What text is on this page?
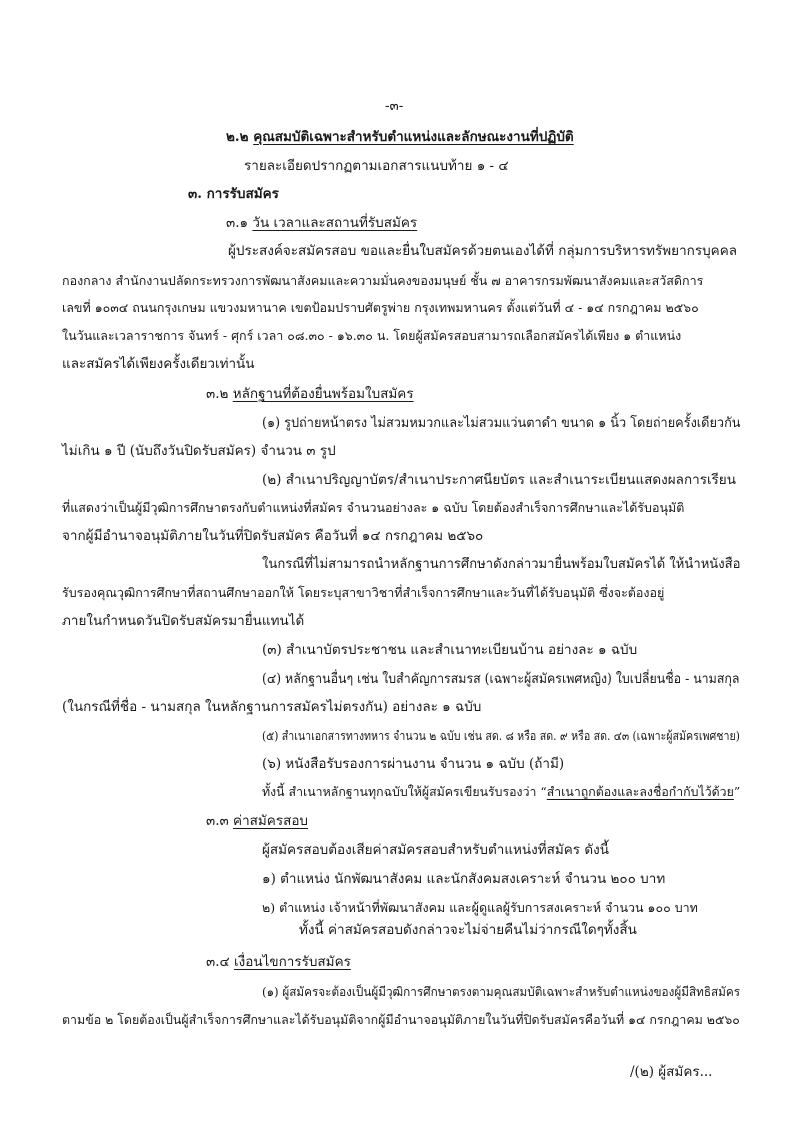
-๓-
๒.๒ คุณสมบัติเฉพาะสำหรับตำแหน่งและลักษณะงานที่ปฏิบัติ
รายละเอียดปรากฏตามเอกสารแนบท้าย ๑ - ๔
๓. การรับสมัคร
๓.๑ วัน เวลาและสถานที่รับสมัคร
ผู้ประสงค์จะสมัครสอบ ขอและยื่นใบสมัครด้วยตนเองได้ที่ กลุ่มการบริหารทรัพยากรบุคคล
กองกลาง สำนักงานปลัดกระทรวงการพัฒนาสังคมและความมั่นคงของมนุษย์ ชั้น ๗ อาคารกรมพัฒนาสังคมและสวัสดิการ
เลขที่ ๑๐๓๔ ถนนกรุงเกษม แขวงมหานาค เขตป้อมปราบศัตรูพ่าย กรุงเทพมหานคร ตั้งแต่วันที่ ๔ - ๑๔ กรกฎาคม ๒๕๖๐
ในวันและเวลาราชการ จันทร์ - ศุกร์ เวลา ๐๘.๓๐ - ๑๖.๓๐ น. โดยผู้สมัครสอบสามารถเลือกสมัครได้เพียง ๑ ตำแหน่ง
และสมัครได้เพียงครั้งเดียวเท่านั้น
๓.๒ หลักฐานที่ต้องยื่นพร้อมใบสมัคร
(๑) รูปถ่ายหน้าตรง ไม่สวมหมวกและไม่สวมแว่นตาดำ ขนาด ๑ นิ้ว โดยถ่ายครั้งเดียวกัน
ไม่เกิน ๑ ปี (นับถึงวันปิดรับสมัคร) จำนวน ๓ รูป
(๒) สำเนาปริญญาบัตร/สำเนาประกาศนียบัตร และสำเนาระเบียนแสดงผลการเรียน
ที่แสดงว่าเป็นผู้มีวุฒิการศึกษาตรงกับตำแหน่งที่สมัคร จำนวนอย่างละ ๑ ฉบับ โดยต้องสำเร็จการศึกษาและได้รับอนุมัติ
จากผู้มีอำนาจอนุมัติภายในวันที่ปิดรับสมัคร คือวันที่ ๑๔ กรกฎาคม ๒๕๖๐
ในกรณีที่ไม่สามารถนำหลักฐานการศึกษาดังกล่าวมายื่นพร้อมใบสมัครได้ ให้นำหนังสือ
รับรองคุณวุฒิการศึกษาที่สถานศึกษาออกให้ โดยระบุสาขาวิชาที่สำเร็จการศึกษาและวันที่ได้รับอนุมัติ ซึ่งจะต้องอยู่
ภายในกำหนดวันปิดรับสมัครมายื่นแทนได้
(๓) สำเนาบัตรประชาชน และสำเนาทะเบียนบ้าน อย่างละ ๑ ฉบับ
(๔) หลักฐานอื่นๆ เช่น ใบสำคัญการสมรส (เฉพาะผู้สมัครเพศหญิง) ใบเปลี่ยนชื่อ - นามสกุล
(ในกรณีที่ชื่อ - นามสกุล ในหลักฐานการสมัครไม่ตรงกัน) อย่างละ ๑ ฉบับ
(๕) สำเนาเอกสารทางทหาร จำนวน ๒ ฉบับ เช่น สด. ๘ หรือ สด. ๙ หรือ สด. ๔๓ (เฉพาะผู้สมัครเพศชาย)
(๖) หนังสือรับรองการผ่านงาน จำนวน ๑ ฉบับ (ถ้ามี)
ทั้งนี้ สำเนาหลักฐานทุกฉบับให้ผู้สมัครเขียนรับรองว่า “สำเนาถูกต้องและลงชื่อกำกับไว้ด้วย”
๓.๓ ค่าสมัครสอบ
ผู้สมัครสอบต้องเสียค่าสมัครสอบสำหรับตำแหน่งที่สมัคร ดังนี้
๑) ตำแหน่ง นักพัฒนาสังคม และนักสังคมสงเคราะห์ จำนวน ๒๐๐ บาท
๒) ตำแหน่ง เจ้าหน้าที่พัฒนาสังคม และผู้ดูแลผู้รับการสงเคราะห์ จำนวน ๑๐๐ บาท
ทั้งนี้ ค่าสมัครสอบดังกล่าวจะไม่จ่ายคืนไม่ว่ากรณีใดๆทั้งสิ้น
๓.๔ เงื่อนไขการรับสมัคร
(๑) ผู้สมัครจะต้องเป็นผู้มีวุฒิการศึกษาตรงตามคุณสมบัติเฉพาะสำหรับตำแหน่งของผู้มีสิทธิสมัคร
ตามข้อ ๒ โดยต้องเป็นผู้สำเร็จการศึกษาและได้รับอนุมัติจากผู้มีอำนาจอนุมัติภายในวันที่ปิดรับสมัครคือวันที่ ๑๔ กรกฎาคม ๒๕๖๐
/(๒) ผู้สมัคร...
